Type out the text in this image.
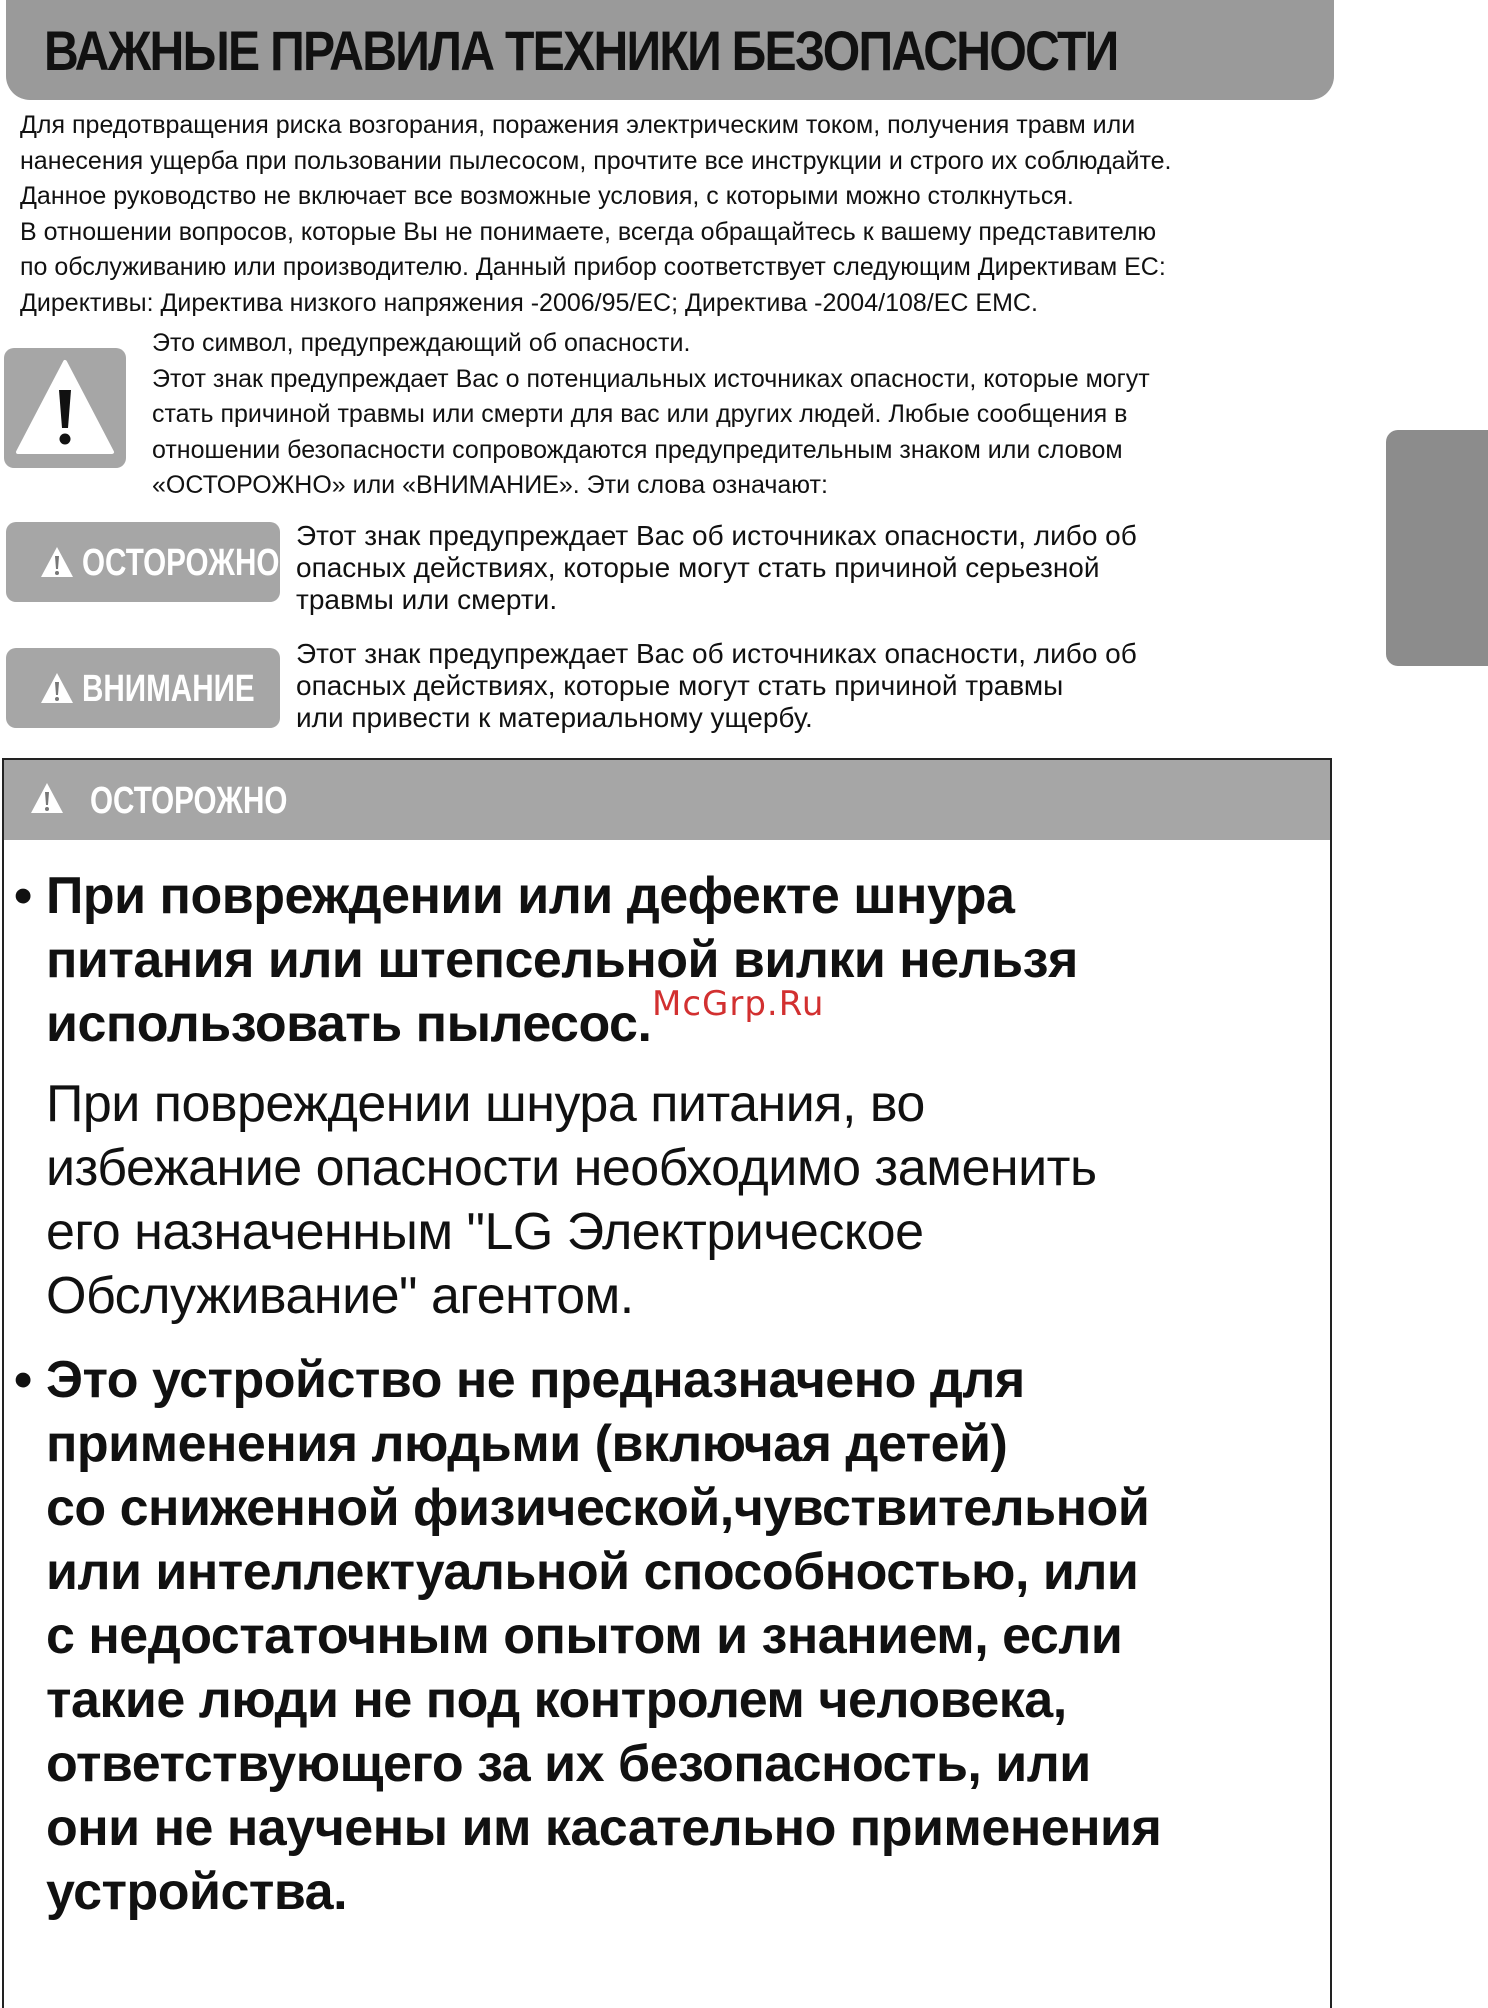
ВАЖНЫЕ ПРАВИЛА ТЕХНИКИ БЕЗОПАСНОСТИ
Для предотвращения риска возгорания, поражения электрическим током, получения травм или
нанесения ущерба при пользовании пылесосом, прочтите все инструкции и строго их соблюдайте.
Данное руководство не включает все возможные условия, с которыми можно столкнуться.
В отношении вопросов, которые Вы не понимаете, всегда обращайтесь к вашему представителю
по обслуживанию или производителю. Данный прибор соответствует следующим Директивам ЕС:
Директивы: Директива низкого напряжения -2006/95/ЕС; Директива -2004/108/ЕС ЕМС.
Это символ, предупреждающий об опасности.
Этот знак предупреждает Вас о потенциальных источниках опасности, которые могут
стать причиной травмы или смерти для вас или других людей. Любые сообщения в
отношении безопасности сопровождаются предупредительным знаком или словом
«ОСТОРОЖНО» или «ВНИМАНИЕ». Эти слова означают:
ОСТОРОЖНО
Этот знак предупреждает Вас об источниках опасности, либо об
опасных действиях, которые могут стать причиной серьезной
травмы или смерти.
ВНИМАНИЕ
Этот знак предупреждает Вас об источниках опасности, либо об
опасных действиях, которые могут стать причиной травмы
или привести к материальному ущербу.
ОСТОРОЖНО
• При повреждении или дефекте шнура
питания или штепсельной вилки нельзя
использовать пылесос.
При повреждении шнура питания, во
избежание опасности необходимо заменить
его назначенным "LG Электрическое
Обслуживание" агентом.
• Это устройство не предназначено для
применения людьми (включая детей)
со сниженной физической,чувствительной
или интеллектуальной способностью, или
с недостаточным опытом и знанием, если
такие люди не под контролем человека,
ответствующего за их безопасность, или
они не научены им касательно применения
устройства.
McGrp.Ru
